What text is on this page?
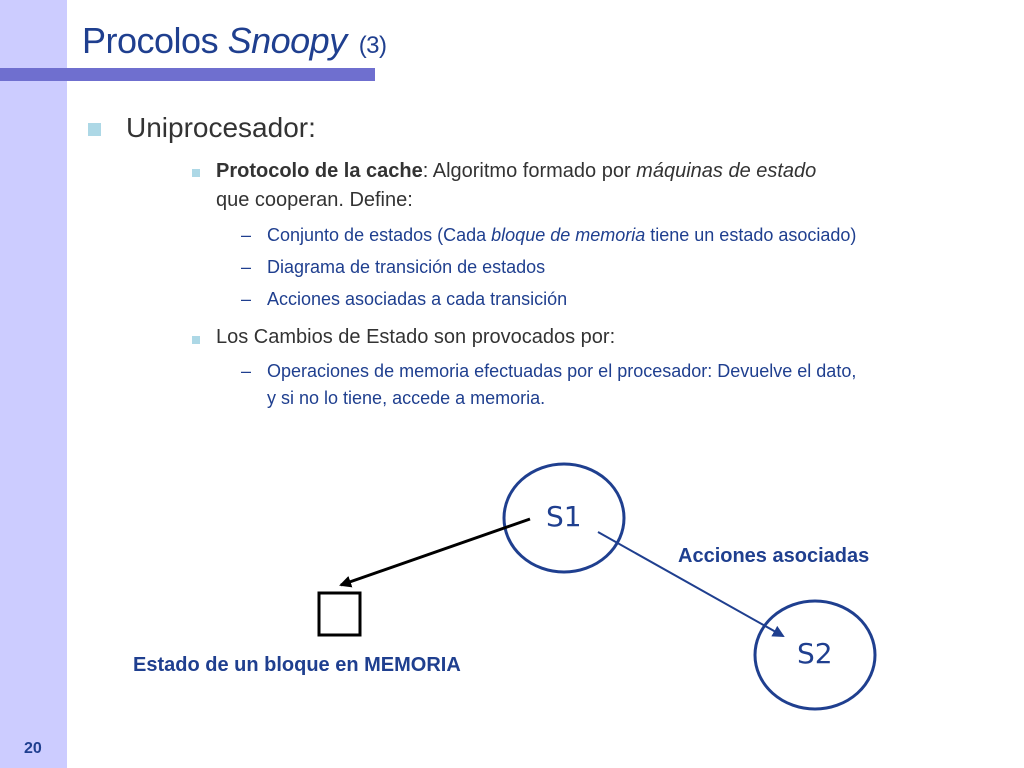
Procolos Snoopy (3)
Uniprocesador:
Protocolo de la cache: Algoritmo formado por máquinas de estado
que cooperan. Define:
– Conjunto de estados (Cada bloque de memoria tiene un estado asociado)
– Diagrama de transición de estados
– Acciones asociadas a cada transición
Los Cambios de Estado son provocados por:
– Operaciones de memoria efectuadas por el procesador: Devuelve el dato,
y si no lo tiene, accede a memoria.
S1
S2
Acciones asociadas
Estado de un bloque en MEMORIA
20
